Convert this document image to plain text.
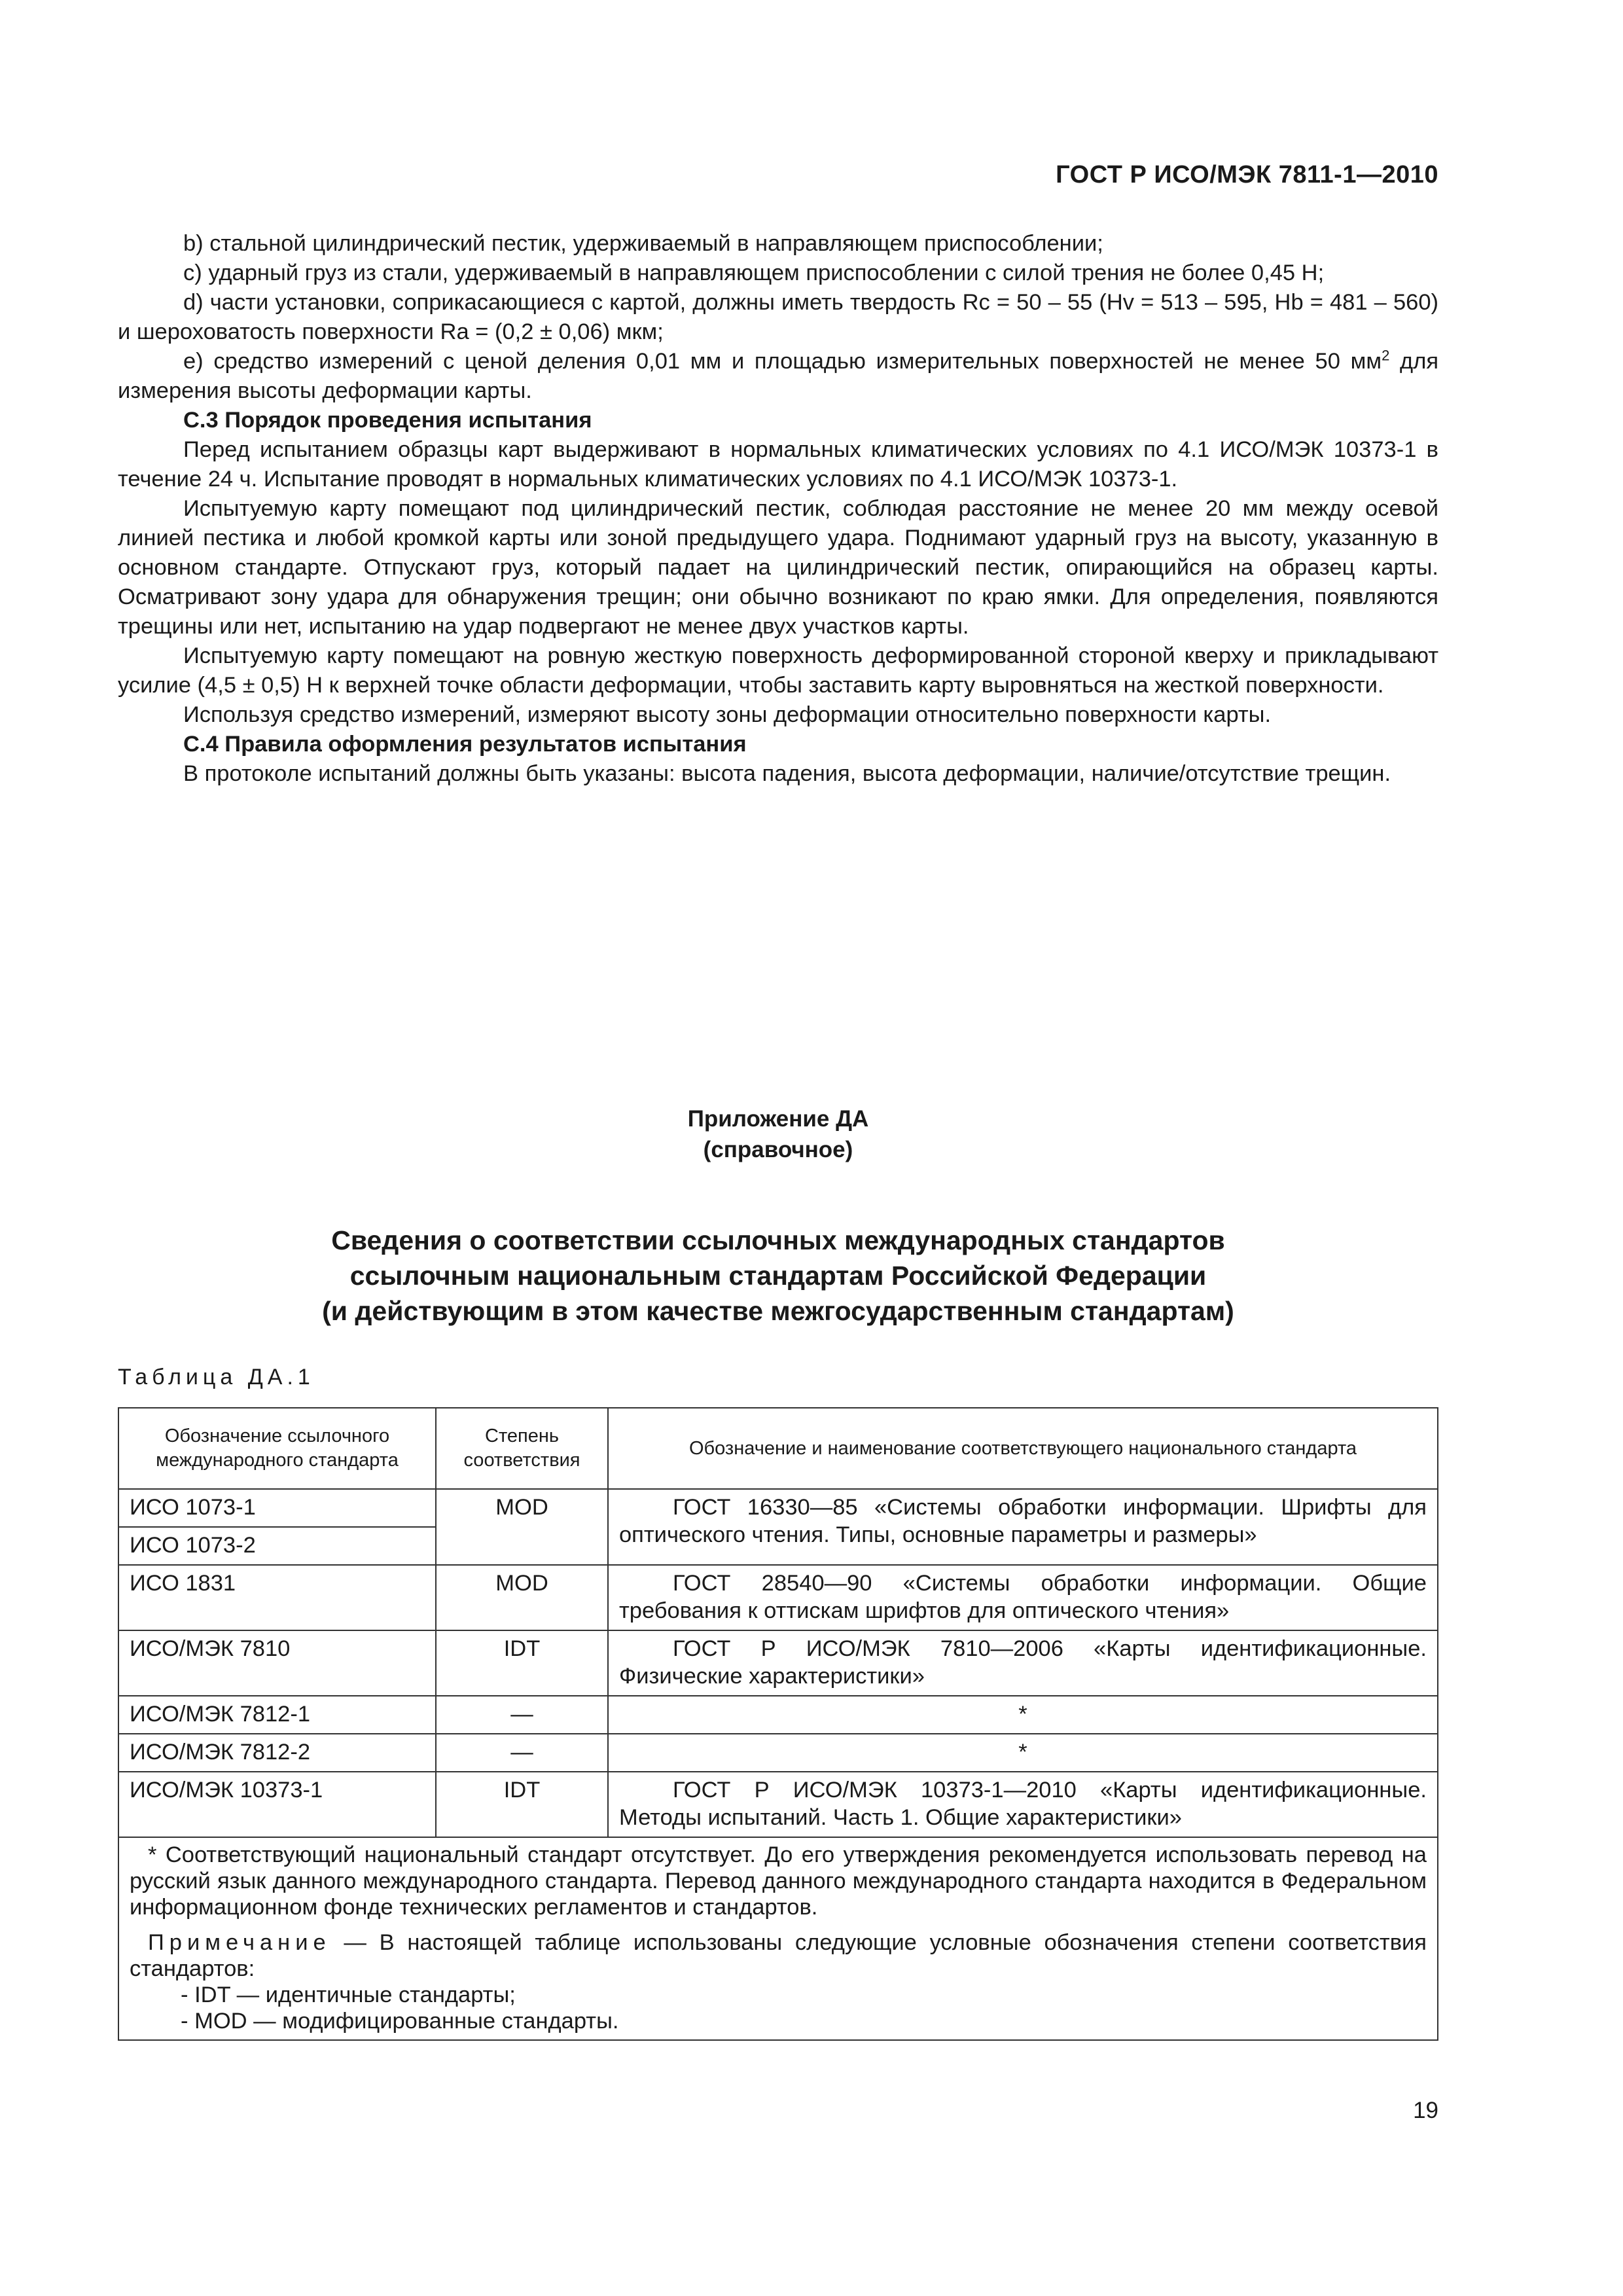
ГОСТ Р ИСО/МЭК 7811-1—2010

b) стальной цилиндрический пестик, удерживаемый в направляющем приспособлении;

c) ударный груз из стали, удерживаемый в направляющем приспособлении с силой трения не более 0,45 Н;

d) части установки, соприкасающиеся с картой, должны иметь твердость Rc = 50 – 55 (Hv = 513 – 595, Hb = 481 – 560) и шероховатость поверхности Ra = (0,2 ± 0,06) мкм;

e) средство измерений с ценой деления 0,01 мм и площадью измерительных поверхностей не менее 50 $мм^2$ для измерения высоты деформации карты.

С.3 Порядок проведения испытания

Перед испытанием образцы карт выдерживают в нормальных климатических условиях по 4.1 ИСО/МЭК 10373-1 в течение 24 ч. Испытание проводят в нормальных климатических условиях по 4.1 ИСО/МЭК 10373-1.

Испытуемую карту помещают под цилиндрический пестик, соблюдая расстояние не менее 20 мм между осевой линией пестика и любой кромкой карты или зоной предыдущего удара. Поднимают ударный груз на высоту, указанную в основном стандарте. Отпускают груз, который падает на цилиндрический пестик, опирающийся на образец карты. Осматривают зону удара для обнаружения трещин; они обычно возникают по краю ямки. Для определения, появляются трещины или нет, испытанию на удар подвергают не менее двух участков карты.

Испытуемую карту помещают на ровную жесткую поверхность деформированной стороной кверху и прикладывают усилие (4,5 ± 0,5) Н к верхней точке области деформации, чтобы заставить карту выровняться на жесткой поверхности.

Используя средство измерений, измеряют высоту зоны деформации относительно поверхности карты.

С.4 Правила оформления результатов испытания

В протоколе испытаний должны быть указаны: высота падения, высота деформации, наличие/отсутствие трещин.

Приложение ДА
(справочное)
Сведения о соответствии ссылочных международных стандартов
ссылочным национальным стандартам Российской Федерации
(и действующим в этом качестве межгосударственным стандартам)
Таблица ДА.1
Обозначение ссылочного международного стандарта	Степень соответствия	Обозначение и наименование соответствующего национального стандарта
ИСО 1073-1	MOD	ГОСТ 16330—85 «Системы обработки информации. Шрифты для оптического чтения. Типы, основные параметры и размеры»
ИСО 1073-2		
ИСО 1831	MOD	ГОСТ 28540—90 «Системы обработки информации. Общие требования к оттискам шрифтов для оптического чтения»
ИСО/МЭК 7810	IDT	ГОСТ Р ИСО/МЭК 7810—2006 «Карты идентификационные. Физические характеристики»
ИСО/МЭК 7812-1	—	*
ИСО/МЭК 7812-2	—	*
ИСО/МЭК 10373-1	IDT	ГОСТ Р ИСО/МЭК 10373-1—2010 «Карты идентификационные. Методы испытаний. Часть 1. Общие характеристики»

* Соответствующий национальный стандарт отсутствует. До его утверждения рекомендуется использовать перевод на русский язык данного международного стандарта. Перевод данного международного стандарта находится в Федеральном информационном фонде технических регламентов и стандартов.

Примечание — В настоящей таблице использованы следующие условные обозначения степени соответствия стандартов:

- IDT — идентичные стандарты;

- MOD — модифицированные стандарты.		

19
